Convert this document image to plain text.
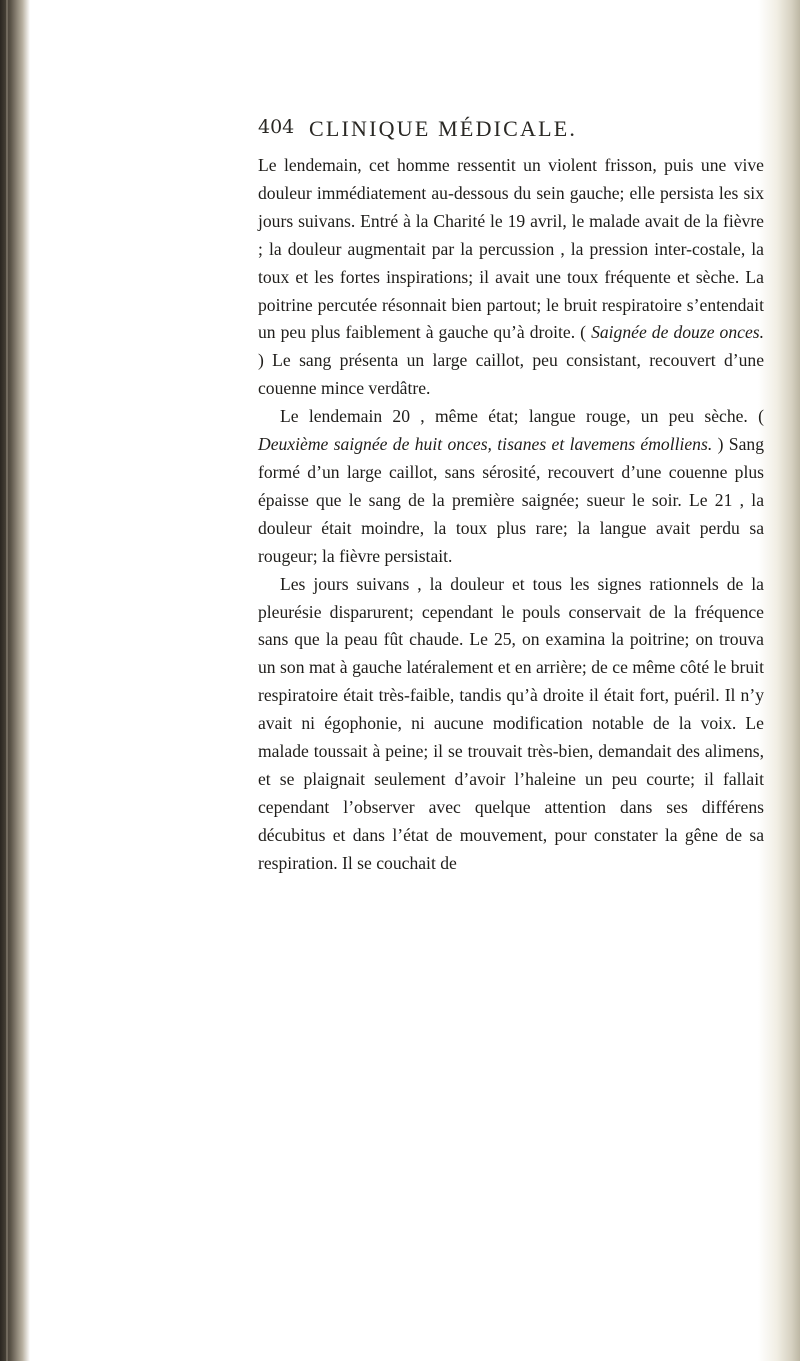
404 CLINIQUE MÉDICALE.

Le lendemain, cet homme ressentit un violent frisson, puis une vive douleur immédiatement au-dessous du sein gauche; elle persista les six jours suivans. Entré à la Charité le 19 avril, le malade avait de la fièvre ; la douleur augmentait par la percussion , la pression inter-costale, la toux et les fortes inspirations; il avait une toux fréquente et sèche. La poitrine percutée résonnait bien partout; le bruit respiratoire s’entendait un peu plus faiblement à gauche qu’à droite. ( Saignée de douze onces. ) Le sang présenta un large caillot, peu consistant, recouvert d’une couenne mince verdâtre.

Le lendemain 20 , même état; langue rouge, un peu sèche. ( Deuxième saignée de huit onces, tisanes et lavemens émolliens. ) Sang formé d’un large caillot, sans sérosité, recouvert d’une couenne plus épaisse que le sang de la première saignée; sueur le soir. Le 21 , la douleur était moindre, la toux plus rare; la langue avait perdu sa rougeur; la fièvre persistait.

Les jours suivans , la douleur et tous les signes rationnels de la pleurésie disparurent; cependant le pouls conservait de la fréquence sans que la peau fût chaude. Le 25, on examina la poitrine; on trouva un son mat à gauche latéralement et en arrière; de ce même côté le bruit respiratoire était très-faible, tandis qu’à droite il était fort, puéril. Il n’y avait ni égophonie, ni aucune modification notable de la voix. Le malade toussait à peine; il se trouvait très-bien, demandait des alimens, et se plaignait seulement d’avoir l’haleine un peu courte; il fallait cependant l’observer avec quelque attention dans ses différens décubitus et dans l’état de mouvement, pour constater la gêne de sa respiration. Il se couchait de
